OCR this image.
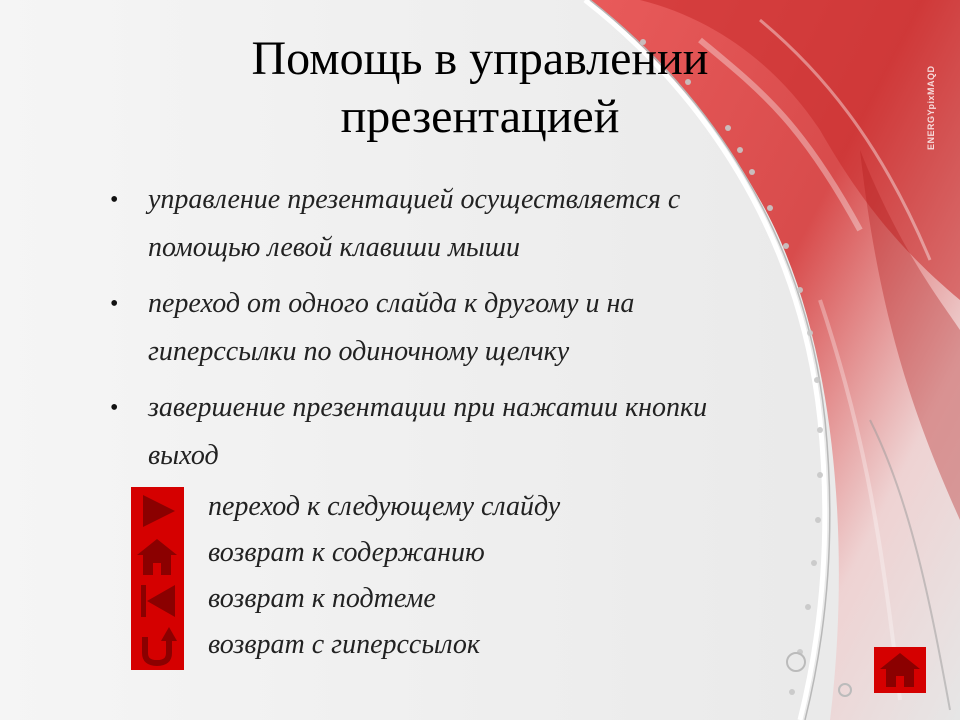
ENERGYpixMAQD
Помощь в управлении
презентацией
• управление презентацией осуществляется с
помощью левой клавиши мыши
• переход от одного слайда к другому и на
гиперссылки по одиночному щелчку
• завершение презентации при нажатии кнопки
выход
переход к следующему слайду
возврат к содержанию
возврат к подтеме
возврат с гиперссылок
